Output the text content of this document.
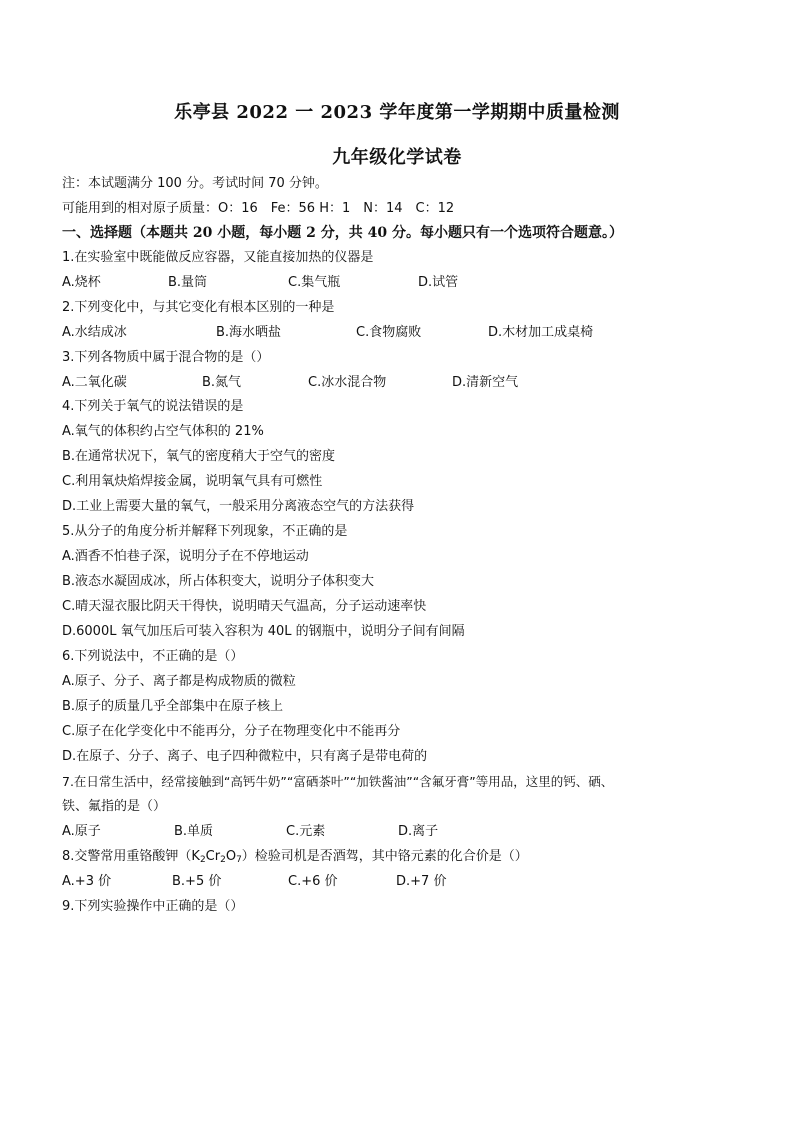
乐亭县 2022 一 2023 学年度第一学期期中质量检测
九年级化学试卷
注：本试题满分 100 分。考试时间 70 分钟。
可能用到的相对原子质量：O：16　Fe：56 H：1　N：14　C：12
一、选择题（本题共 20 小题，每小题 2 分，共 40 分。每小题只有一个选项符合题意。）
1.在实验室中既能做反应容器，又能直接加热的仪器是
A.烧杯	B.量筒	C.集气瓶	D.试管
2.下列变化中，与其它变化有根本区别的一种是
A.水结成冰	B.海水晒盐	C.食物腐败	D.木材加工成桌椅
3.下列各物质中属于混合物的是（）
A.二氧化碳	B.氮气	C.冰水混合物	D.清新空气
4.下列关于氧气的说法错误的是
A.氧气的体积约占空气体积的 21%
B.在通常状况下，氧气的密度稍大于空气的密度
C.利用氧炔焰焊接金属，说明氧气具有可燃性
D.工业上需要大量的氧气，一般采用分离液态空气的方法获得
5.从分子的角度分析并解释下列现象，不正确的是
A.酒香不怕巷子深，说明分子在不停地运动
B.液态水凝固成冰，所占体积变大，说明分子体积变大
C.晴天湿衣服比阴天干得快，说明晴天气温高，分子运动速率快
D.6000L 氧气加压后可装入容积为 40L 的钢瓶中，说明分子间有间隔
6.下列说法中，不正确的是（）
A.原子、分子、离子都是构成物质的微粒
B.原子的质量几乎全部集中在原子核上
C.原子在化学变化中不能再分，分子在物理变化中不能再分
D.在原子、分子、离子、电子四种微粒中，只有离子是带电荷的
7.在日常生活中，经常接触到“高钙牛奶”“富硒茶叶”“加铁酱油”“含氟牙膏”等用品，这里的钙、硒、
铁、氟指的是（）
A.原子	B.单质	C.元素	D.离子
8.交警常用重铬酸钾$(K_2Cr_2O_7)$检验司机是否酒驾，其中铬元素的化合价是（）
A.+3 价	B.+5 价	C.+6 价	D.+7 价
9.下列实验操作中正确的是（）
